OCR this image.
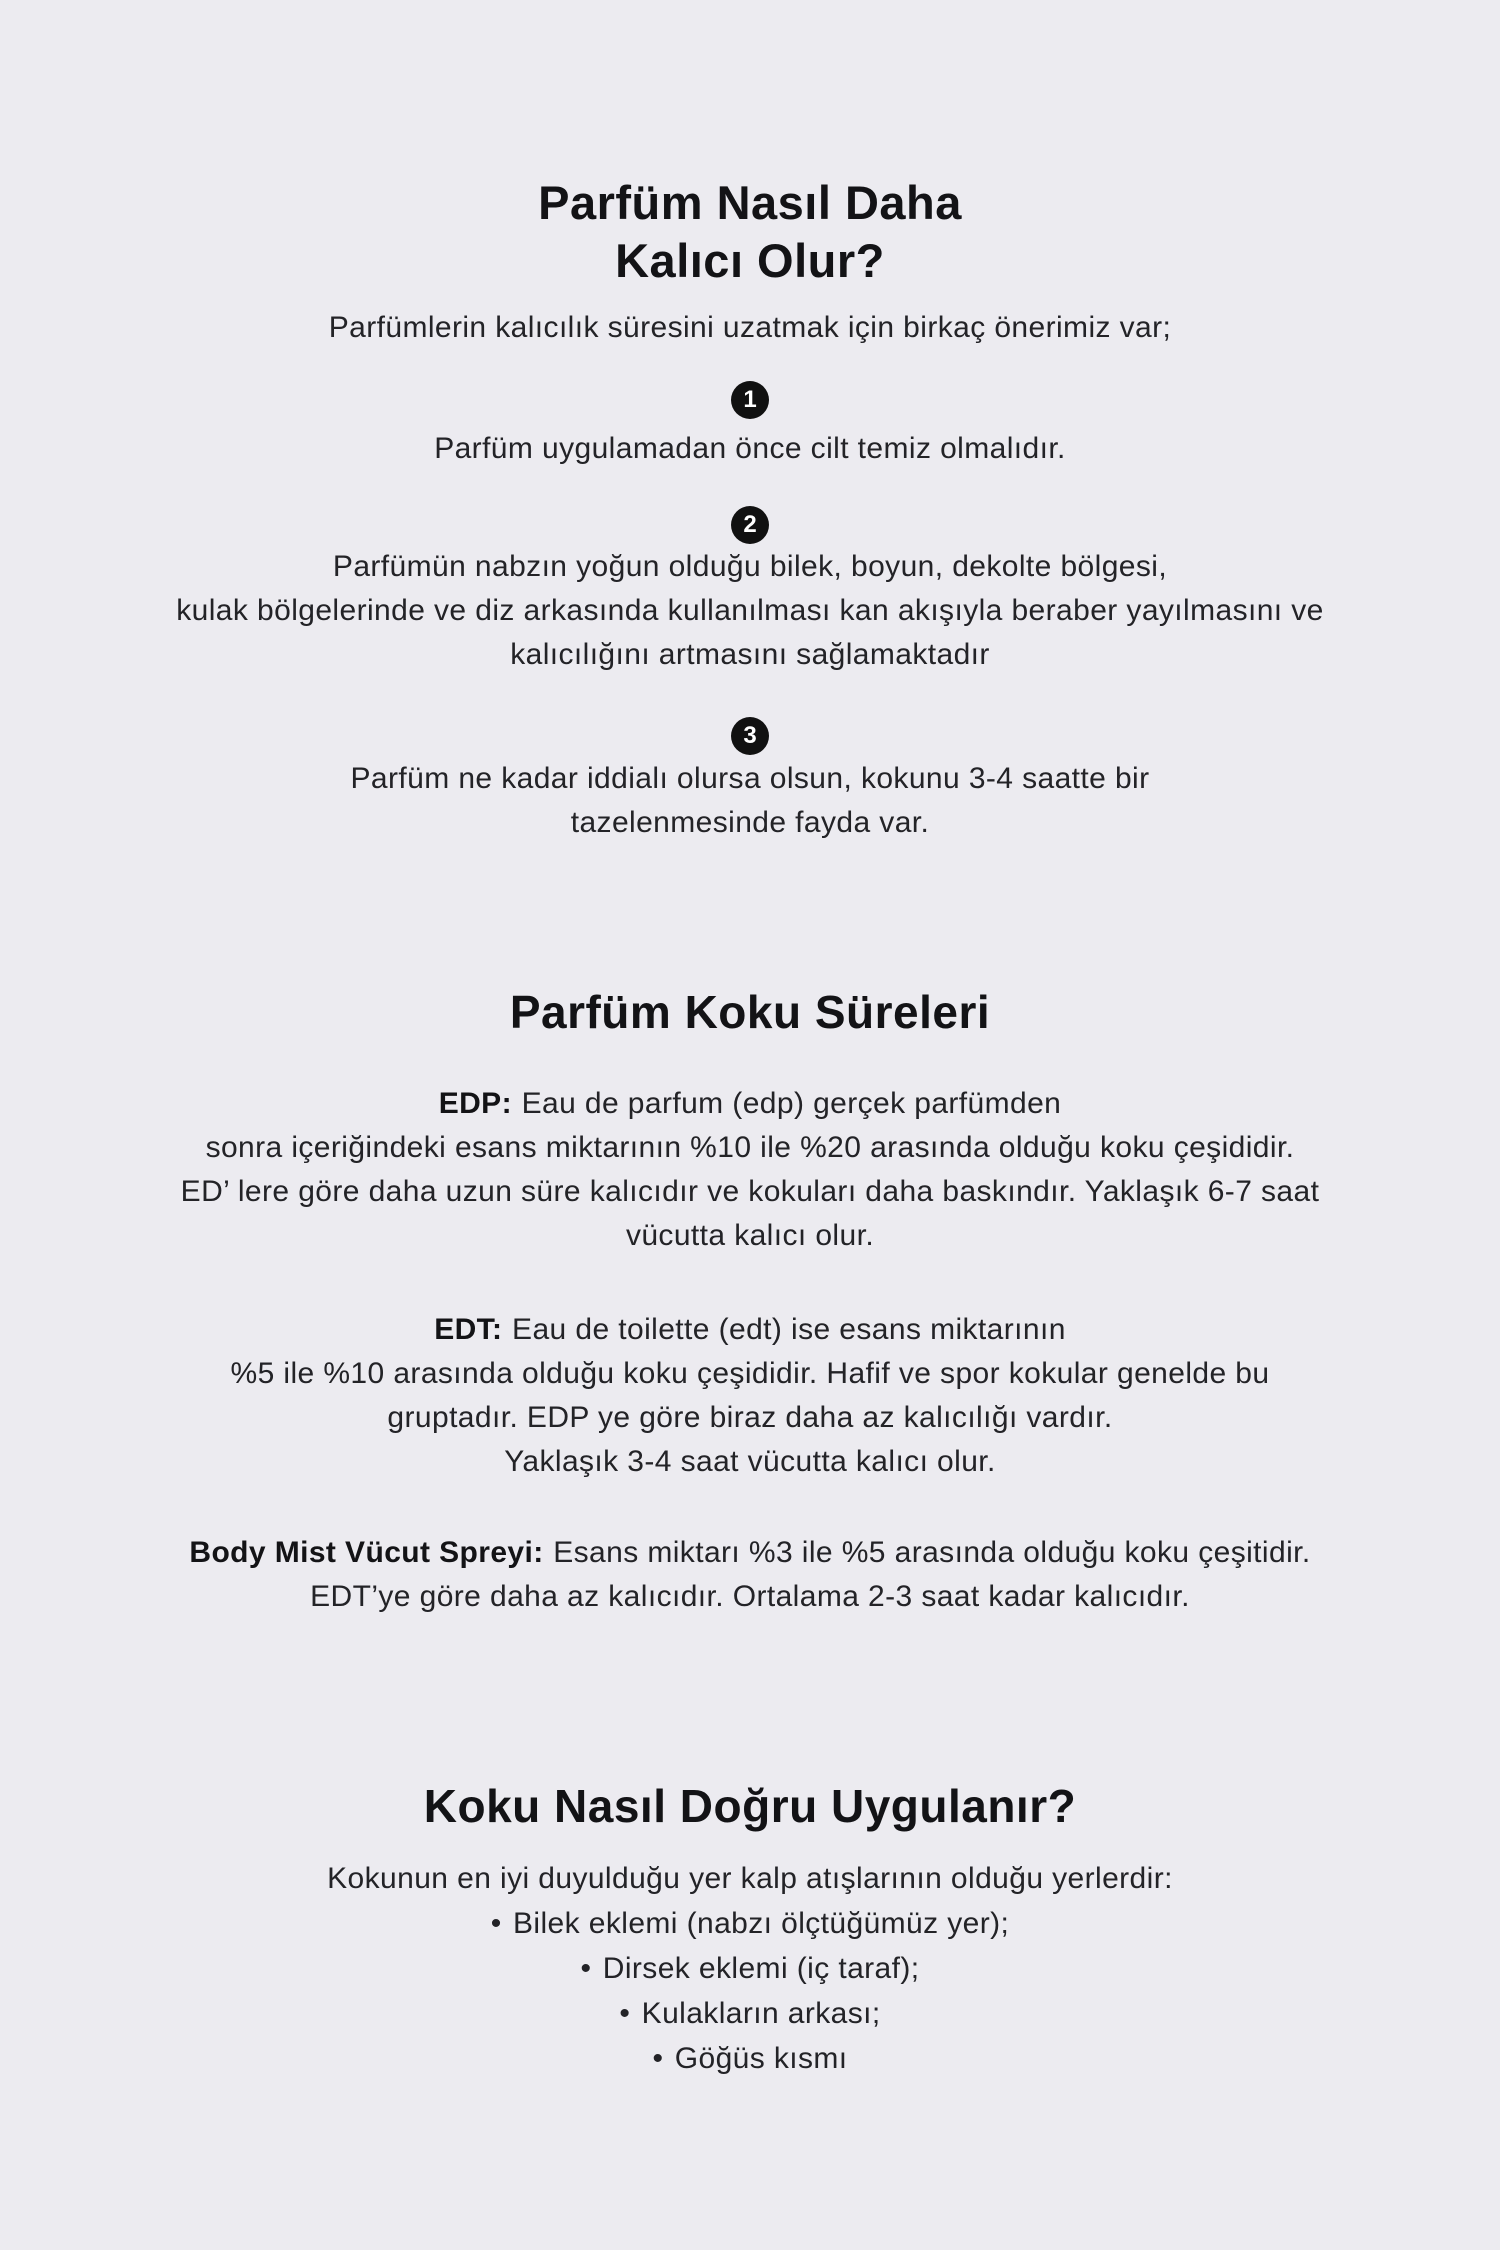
Parfüm Nasıl Daha
Kalıcı Olur?

Parfümlerin kalıcılık süresini uzatmak için birkaç önerimiz var;

1
Parfüm uygulamadan önce cilt temiz olmalıdır.
2
Parfümün nabzın yoğun olduğu bilek, boyun, dekolte bölgesi,
kulak bölgelerinde ve diz arkasında kullanılması kan akışıyla beraber yayılmasını ve
kalıcılığını artmasını sağlamaktadır
3
Parfüm ne kadar iddialı olursa olsun, kokunu 3-4 saatte bir
tazelenmesinde fayda var.
Parfüm Koku Süreleri
EDP: Eau de parfum (edp) gerçek parfümden
sonra içeriğindeki esans miktarının %10 ile %20 arasında olduğu koku çeşididir.
ED’ lere göre daha uzun süre kalıcıdır ve kokuları daha baskındır. Yaklaşık 6-7 saat
vücutta kalıcı olur.
EDT: Eau de toilette (edt) ise esans miktarının
%5 ile %10 arasında olduğu koku çeşididir. Hafif ve spor kokular genelde bu
gruptadır. EDP ye göre biraz daha az kalıcılığı vardır.
Yaklaşık 3-4 saat vücutta kalıcı olur.
Body Mist Vücut Spreyi: Esans miktarı %3 ile %5 arasında olduğu koku çeşitidir.
EDT’ye göre daha az kalıcıdır. Ortalama 2-3 saat kadar kalıcıdır.
Koku Nasıl Doğru Uygulanır?
Kokunun en iyi duyulduğu yer kalp atışlarının olduğu yerlerdir:
• Bilek eklemi (nabzı ölçtüğümüz yer);
• Dirsek eklemi (iç taraf);
• Kulakların arkası;
• Göğüs kısmı
